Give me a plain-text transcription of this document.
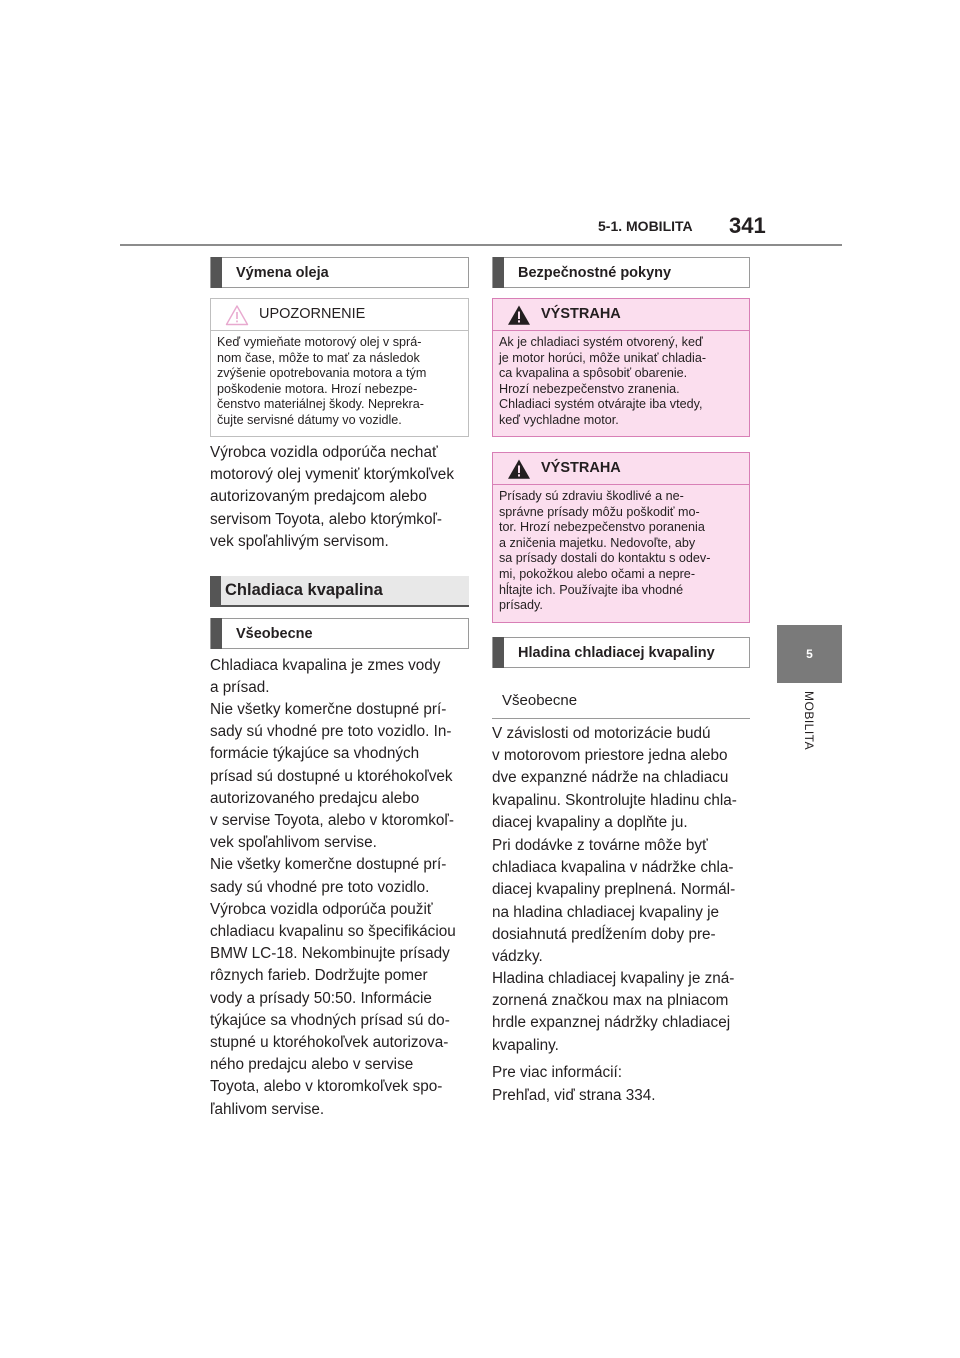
5-1. MOBILITA 341
5
MOBILITA
Výmena oleja
UPOZORNENIE
Keď vymieňate motorový olej v sprá-
nom čase, môže to mať za následok
zvýšenie opotrebovania motora a tým
poškodenie motora. Hrozí nebezpe-
čenstvo materiálnej škody. Neprekra-
čujte servisné dátumy vo vozidle.
Výrobca vozidla odporúča nechať
motorový olej vymeniť ktorýmkoľvek
autorizovaným predajcom alebo
servisom Toyota, alebo ktorýmkoľ-
vek spoľahlivým servisom.
Chladiaca kvapalina
Všeobecne
Chladiaca kvapalina je zmes vody
a prísad.
Nie všetky komerčne dostupné prí-
sady sú vhodné pre toto vozidlo. In-
formácie týkajúce sa vhodných
prísad sú dostupné u ktoréhokoľvek
autorizovaného predajcu alebo
v servise Toyota, alebo v ktoromkoľ-
vek spoľahlivom servise.
Nie všetky komerčne dostupné prí-
sady sú vhodné pre toto vozidlo.
Výrobca vozidla odporúča použiť
chladiacu kvapalinu so špecifikáciou
BMW LC-18. Nekombinujte prísady
rôznych farieb. Dodržujte pomer
vody a prísady 50:50. Informácie
týkajúce sa vhodných prísad sú do-
stupné u ktoréhokoľvek autorizova-
ného predajcu alebo v servise
Toyota, alebo v ktoromkoľvek spo-
ľahlivom servise.
Bezpečnostné pokyny
VÝSTRAHA
Ak je chladiaci systém otvorený, keď
je motor horúci, môže unikať chladia-
ca kvapalina a spôsobiť obarenie.
Hrozí nebezpečenstvo zranenia.
Chladiaci systém otvárajte iba vtedy,
keď vychladne motor.
VÝSTRAHA
Prísady sú zdraviu škodlivé a ne-
správne prísady môžu poškodiť mo-
tor. Hrozí nebezpečenstvo poranenia
a zničenia majetku. Nedovoľte, aby
sa prísady dostali do kontaktu s odev-
mi, pokožkou alebo očami a nepre-
hĺtajte ich. Používajte iba vhodné
prísady.
Hladina chladiacej kvapaliny
Všeobecne
V závislosti od motorizácie budú
v motorovom priestore jedna alebo
dve expanzné nádrže na chladiacu
kvapalinu. Skontrolujte hladinu chla-
diacej kvapaliny a doplňte ju.
Pri dodávke z továrne môže byť
chladiaca kvapalina v nádržke chla-
diacej kvapaliny preplnená. Normál-
na hladina chladiacej kvapaliny je
dosiahnutá predĺžením doby pre-
vádzky.
Hladina chladiacej kvapaliny je zná-
zornená značkou max na plniacom
hrdle expanznej nádržky chladiacej
kvapaliny.
Pre viac informácií:
Prehľad, viď strana 334.
